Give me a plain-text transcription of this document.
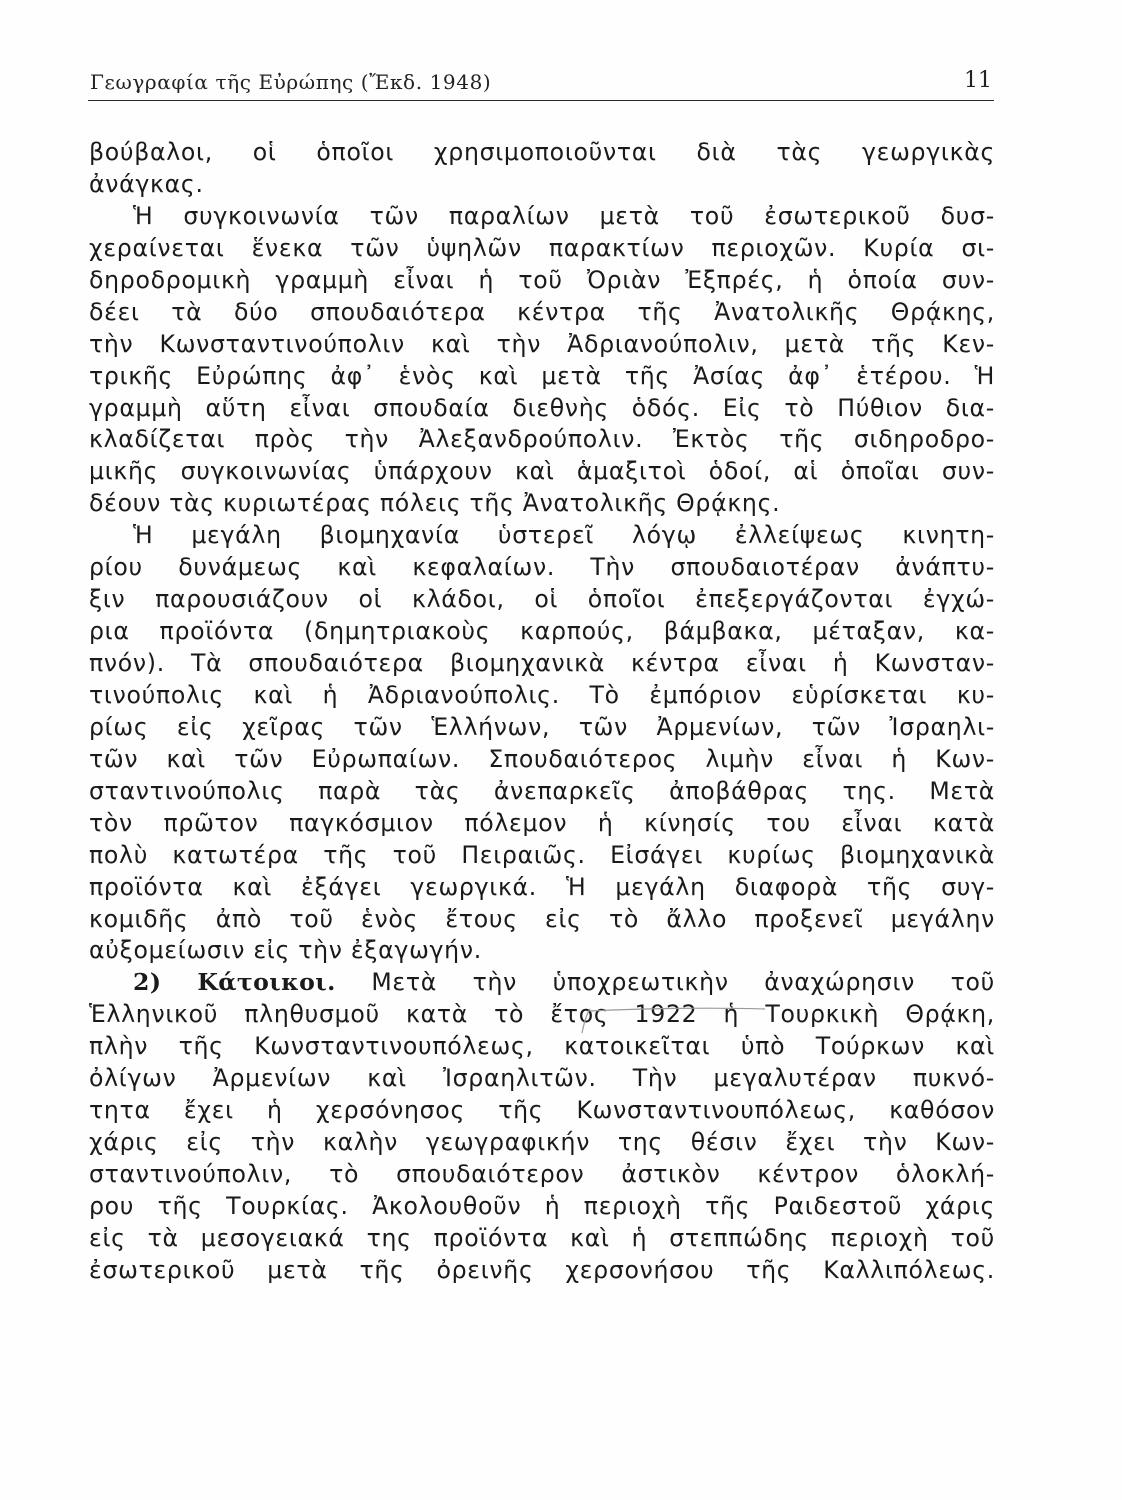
Γεωγραφία τῆς Εὐρώπης (Ἔκδ. 1948)	11
βούβαλοι, οἱ ὁποῖοι χρησιμοποιοῦνται διὰ τὰς γεωργικὰς
ἀνάγκας.
Ἡ συγκοινωνία τῶν παραλίων μετὰ τοῦ ἐσωτερικοῦ δυσ-
χεραίνεται ἕνεκα τῶν ὑψηλῶν παρακτίων περιοχῶν. Κυρία σι-
δηροδρομικὴ γραμμὴ εἶναι ἡ τοῦ Ὀριὰν Ἐξπρές, ἡ ὁποία συν-
δέει τὰ δύο σπουδαιότερα κέντρα τῆς Ἀνατολικῆς Θρᾴκης,
τὴν Κωνσταντινούπολιν καὶ τὴν Ἀδριανούπολιν, μετὰ τῆς Κεν-
τρικῆς Εὐρώπης ἀφ᾽ ἑνὸς καὶ μετὰ τῆς Ἀσίας ἀφ᾽ ἑτέρου. Ἡ
γραμμὴ αὕτη εἶναι σπουδαία διεθνὴς ὁδός. Εἰς τὸ Πύθιον δια-
κλαδίζεται πρὸς τὴν Ἀλεξανδρούπολιν. Ἐκτὸς τῆς σιδηροδρο-
μικῆς συγκοινωνίας ὑπάρχουν καὶ ἁμαξιτοὶ ὁδοί, αἱ ὁποῖαι συν-
δέουν τὰς κυριωτέρας πόλεις τῆς Ἀνατολικῆς Θρᾴκης.
Ἡ μεγάλη βιομηχανία ὑστερεῖ λόγῳ ἐλλείψεως κινητη-
ρίου δυνάμεως καὶ κεφαλαίων. Τὴν σπουδαιοτέραν ἀνάπτυ-
ξιν παρουσιάζουν οἱ κλάδοι, οἱ ὁποῖοι ἐπεξεργάζονται ἐγχώ-
ρια προϊόντα (δημητριακοὺς καρπούς, βάμβακα, μέταξαν, κα-
πνόν). Τὰ σπουδαιότερα βιομηχανικὰ κέντρα εἶναι ἡ Κωνσταν-
τινούπολις καὶ ἡ Ἀδριανούπολις. Τὸ ἐμπόριον εὑρίσκεται κυ-
ρίως εἰς χεῖρας τῶν Ἑλλήνων, τῶν Ἀρμενίων, τῶν Ἰσραηλι-
τῶν καὶ τῶν Εὐρωπαίων. Σπουδαιότερος λιμὴν εἶναι ἡ Κων-
σταντινούπολις παρὰ τὰς ἀνεπαρκεῖς ἀποβάθρας της. Μετὰ
τὸν πρῶτον παγκόσμιον πόλεμον ἡ κίνησίς του εἶναι κατὰ
πολὺ κατωτέρα τῆς τοῦ Πειραιῶς. Εἰσάγει κυρίως βιομηχανικὰ
προϊόντα καὶ ἐξάγει γεωργικά. Ἡ μεγάλη διαφορὰ τῆς συγ-
κομιδῆς ἀπὸ τοῦ ἑνὸς ἔτους εἰς τὸ ἄλλο προξενεῖ μεγάλην
αὐξομείωσιν εἰς τὴν ἐξαγωγήν.
2) Κάτοικοι. Μετὰ τὴν ὑποχρεωτικὴν ἀναχώρησιν τοῦ
Ἑλληνικοῦ πληθυσμοῦ κατὰ τὸ ἔτος 1922 ἡ Τουρκικὴ Θρᾴκη,
πλὴν τῆς Κωνσταντινουπόλεως, κατοικεῖται ὑπὸ Τούρκων καὶ
ὀλίγων Ἀρμενίων καὶ Ἰσραηλιτῶν. Τὴν μεγαλυτέραν πυκνό-
τητα ἔχει ἡ χερσόνησος τῆς Κωνσταντινουπόλεως, καθόσον
χάρις εἰς τὴν καλὴν γεωγραφικήν της θέσιν ἔχει τὴν Κων-
σταντινούπολιν, τὸ σπουδαιότερον ἀστικὸν κέντρον ὁλοκλή-
ρου τῆς Τουρκίας. Ἀκολουθοῦν ἡ περιοχὴ τῆς Ραιδεστοῦ χάρις
εἰς τὰ μεσογειακά της προϊόντα καὶ ἡ στεππώδης περιοχὴ τοῦ
ἐσωτερικοῦ μετὰ τῆς ὀρεινῆς χερσονήσου τῆς Καλλιπόλεως.
